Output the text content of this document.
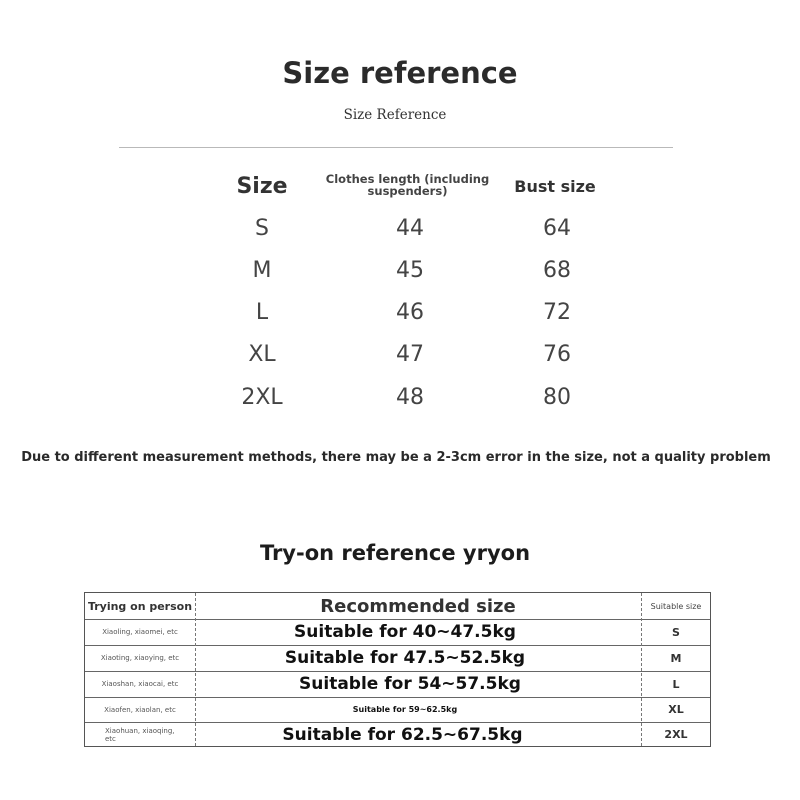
Size reference
Size Reference
Size	Clothes length (including suspenders)	Bust size
S	44	64
M	45	68
L	46	72
XL	47	76
2XL	48	80
Due to different measurement methods, there may be a 2-3cm error in the size, not a quality problem
Try-on reference yryon
Trying on person	Recommended size	Suitable size
Xiaoling, xiaomei, etc	Suitable for 40~47.5kg	S
Xiaoting, xiaoying, etc	Suitable for 47.5~52.5kg	M
Xiaoshan, xiaocai, etc	Suitable for 54~57.5kg	L
Xiaofen, xiaolan, etc	Suitable for 59~62.5kg	XL
Xiaohuan, xiaoqing, etc	Suitable for 62.5~67.5kg	2XL
